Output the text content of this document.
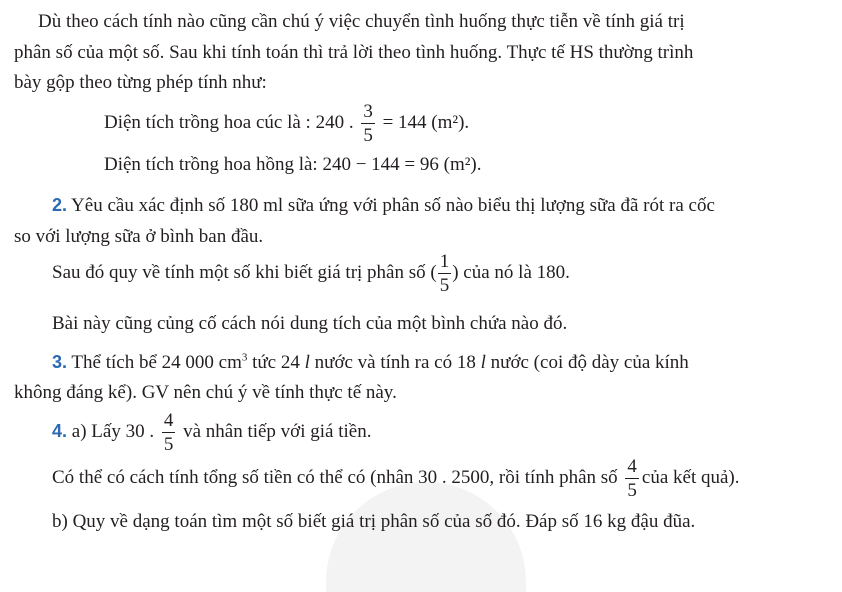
Dù theo cách tính nào cũng cần chú ý việc chuyển tình huống thực tiễn về tính giá trị
phân số của một số. Sau khi tính toán thì trả lời theo tình huống. Thực tế HS thường trình
bày gộp theo từng phép tính như:
Diện tích trồng hoa cúc là : 240 . $\frac{3}{5} = 144$ (m²).
Diện tích trồng hoa hồng là: 240 − 144 = 96 (m²).
2. Yêu cầu xác định số 180 ml sữa ứng với phân số nào biểu thị lượng sữa đã rót ra cốc
so với lượng sữa ở bình ban đầu.
Sau đó quy về tính một số khi biết giá trị phân số ( $\frac{1}{5}$ ) của nó là 180.
Bài này cũng củng cố cách nói dung tích của một bình chứa nào đó.
3. Thể tích bể 24 000 $cm^3$ tức 24 l nước và tính ra có 18 l nước (coi độ dày của kính
không đáng kể). GV nên chú ý về tính thực tế này.
4. a) Lấy 30 . $\frac{4}{5}$ và nhân tiếp với giá tiền.
Có thể có cách tính tổng số tiền có thể có (nhân 30 . 2500, rồi tính phân số $\frac{4}{5}$ của kết quả).
b) Quy về dạng toán tìm một số biết giá trị phân số của số đó. Đáp số 16 kg đậu đũa.
